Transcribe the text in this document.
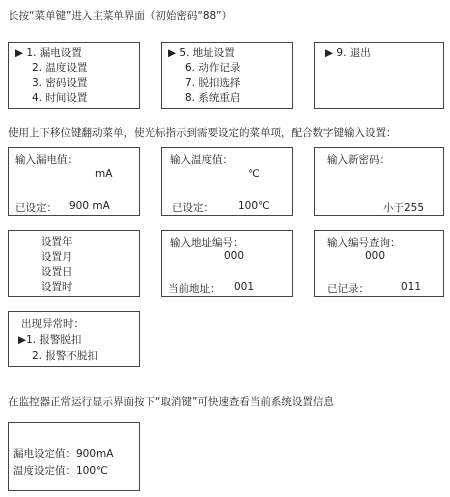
长按“菜单键”进入主菜单界面（初始密码“88”）
▶ 1. 漏电设置
2. 温度设置
3. 密码设置
4. 时间设置
▶ 5. 地址设置
6. 动作记录
7. 脱扣选择
8. 系统重启
▶ 9. 退出
使用上下移位键翻动菜单，使光标指示到需要设定的菜单项，配合数字键输入设置：
输入漏电值：
mA
已设定： 900 mA
输入温度值：
℃
已设定： 100℃
输入新密码：
小于255
设置年
设置月
设置日
设置时
输入地址编号：
000
当前地址： 001
输入编号查询：
000
已记录：	011
出现异常时：
▶1. 报警脱扣
2. 报警不脱扣
在监控器正常运行显示界面按下“取消键”可快速查看当前系统设置信息
漏电设定值：900mA
温度设定值：100℃
